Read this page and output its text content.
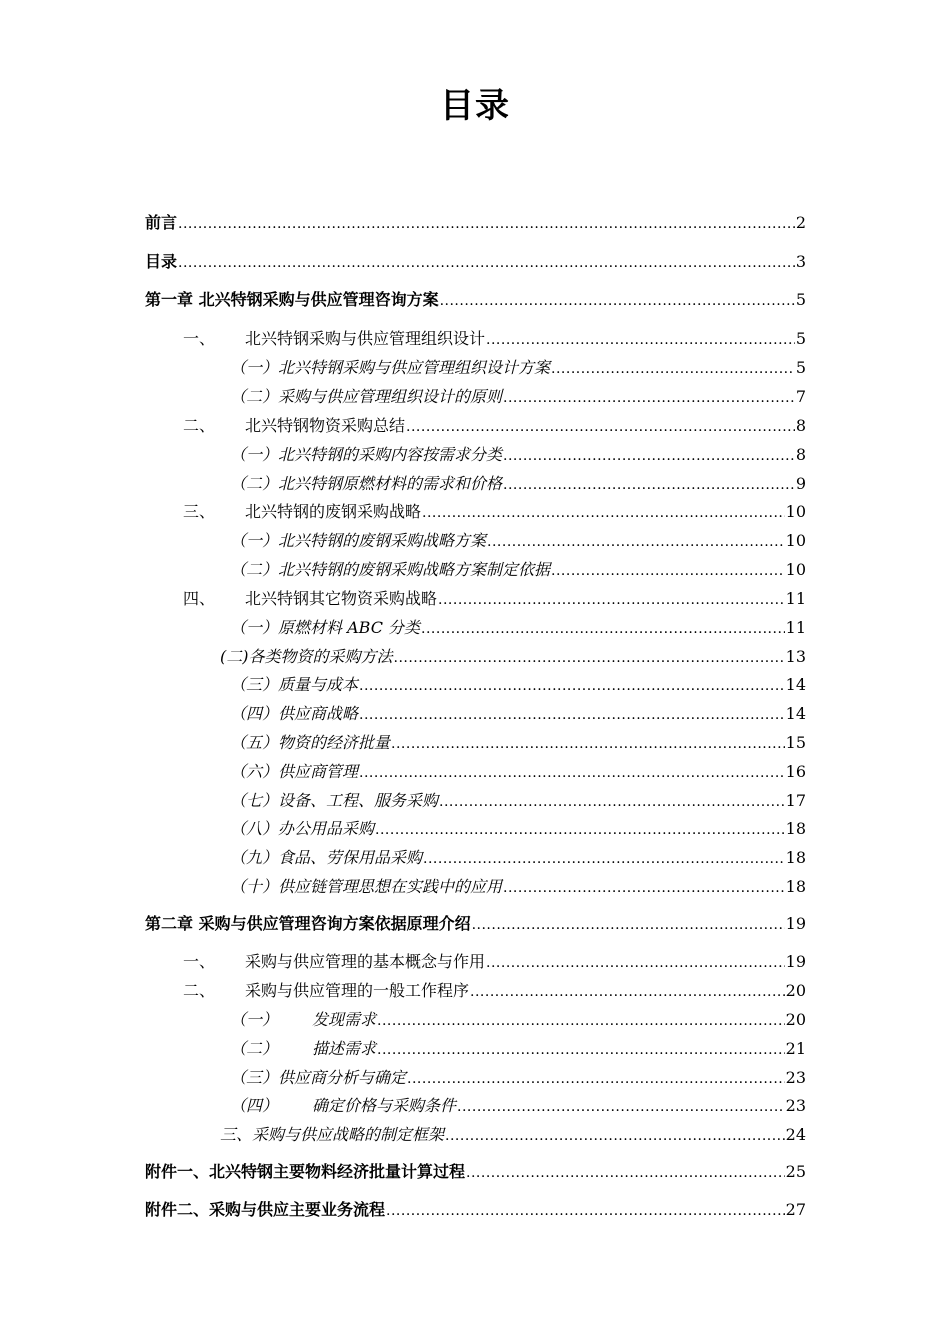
目录
前言 .....	2
目录 .....	3
第一章 北兴特钢采购与供应管理咨询方案 .....	5
一、	北兴特钢采购与供应管理组织设计 .....	5
（一）北兴特钢采购与供应管理组织设计方案 .....	5
（二）采购与供应管理组织设计的原则 .....	7
二、	北兴特钢物资采购总结 .....	8
（一）北兴特钢的采购内容按需求分类 .....	8
（二）北兴特钢原燃材料的需求和价格 .....	9
三、	北兴特钢的废钢采购战略 .....	10
（一）北兴特钢的废钢采购战略方案 .....	10
（二）北兴特钢的废钢采购战略方案制定依据 .....	10
四、	北兴特钢其它物资采购战略 .....	11
（一）原燃材料 ABC 分类 .....	11
(二)各类物资的采购方法 .....	13
（三）质量与成本 .....	14
（四）供应商战略 .....	14
（五）物资的经济批量 .....	15
（六）供应商管理 .....	16
（七）设备、工程、服务采购 .....	17
（八）办公用品采购 .....	18
（九）食品、劳保用品采购 .....	18
（十）供应链管理思想在实践中的应用 .....	18
第二章 采购与供应管理咨询方案依据原理介绍 .....	19
一、	采购与供应管理的基本概念与作用 .....	19
二、	采购与供应管理的一般工作程序 .....	20
（一）	发现需求 .....	20
（二）	描述需求 .....	21
（三）供应商分析与确定 .....	23
（四）	确定价格与采购条件 .....	23
三、采购与供应战略的制定框架 .....	24
附件一、北兴特钢主要物料经济批量计算过程 .....	25
附件二、采购与供应主要业务流程 .....	27
